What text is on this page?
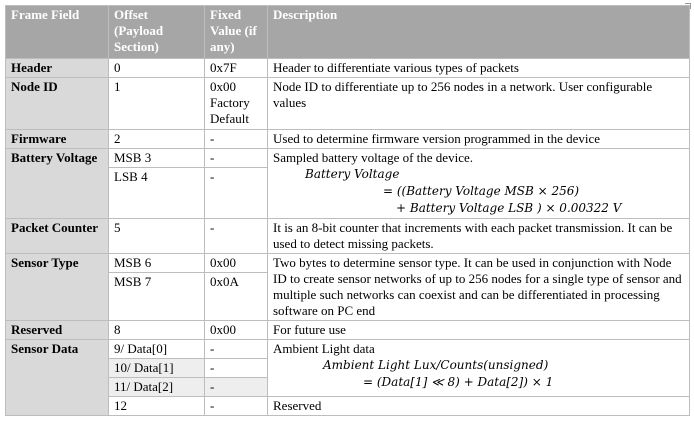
Frame Field	Offset (Payload Section)	Fixed Value (if any)	Description
Header	0	0x7F	Header to differentiate various types of packets
Node ID	1	0x00 Factory Default	Node ID to differentiate up to 256 nodes in a network. User configurable values
Firmware	2	-	Used to determine firmware version programmed in the device
Battery Voltage	MSB 3	-	Sampled battery voltage of the device.
Battery Voltage
= ((Battery Voltage MSB × 256)
+ Battery Voltage LSB ) × 0.00322 V

	LSB 4	-	
Packet Counter	5	-	It is an 8-bit counter that increments with each packet transmission. It can be used to detect missing packets.
Sensor Type	MSB 6	0x00	Two bytes to determine sensor type. It can be used in conjunction with Node ID to create sensor networks of up to 256 nodes for a single type of sensor and multiple such networks can coexist and can be differentiated in processing software on PC end
	MSB 7	0x0A	
Reserved	8	0x00	For future use
Sensor Data	9/ Data[0]	-	Ambient Light data
Ambient Light Lux/Counts(unsigned)
= (Data[1] ≪ 8) + Data[2]) × 1

	10/ Data[1]	-	
	11/ Data[2]	-	
	12	-	Reserved
